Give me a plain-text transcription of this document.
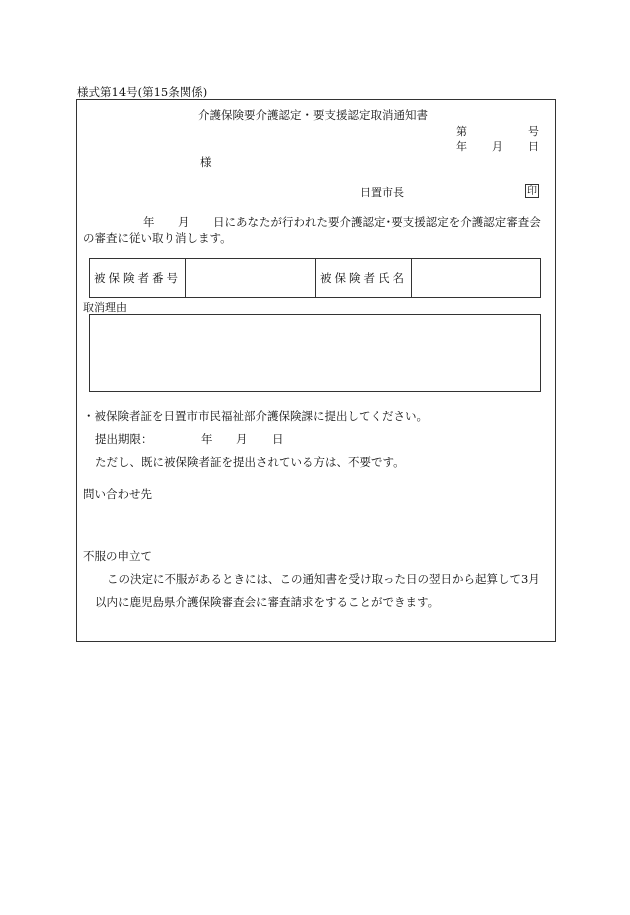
様式第14号(第15条関係)
介護保険要介護認定・要支援認定取消通知書
第	号
年 月 日
様
日置市長	印
年 月 日にあなたが行われた要介護認定･要支援認定を介護認定審査会
の審査に従い取り消します。
被保険者番号	被保険者氏名
取消理由
・被保険者証を日置市市民福祉部介護保険課に提出してください。
提出期限：	年 月 日
ただし、既に被保険者証を提出されている方は、不要です。
問い合わせ先
不服の申立て
この決定に不服があるときには、この通知書を受け取った日の翌日から起算して3月
以内に鹿児島県介護保険審査会に審査請求をすることができます。
